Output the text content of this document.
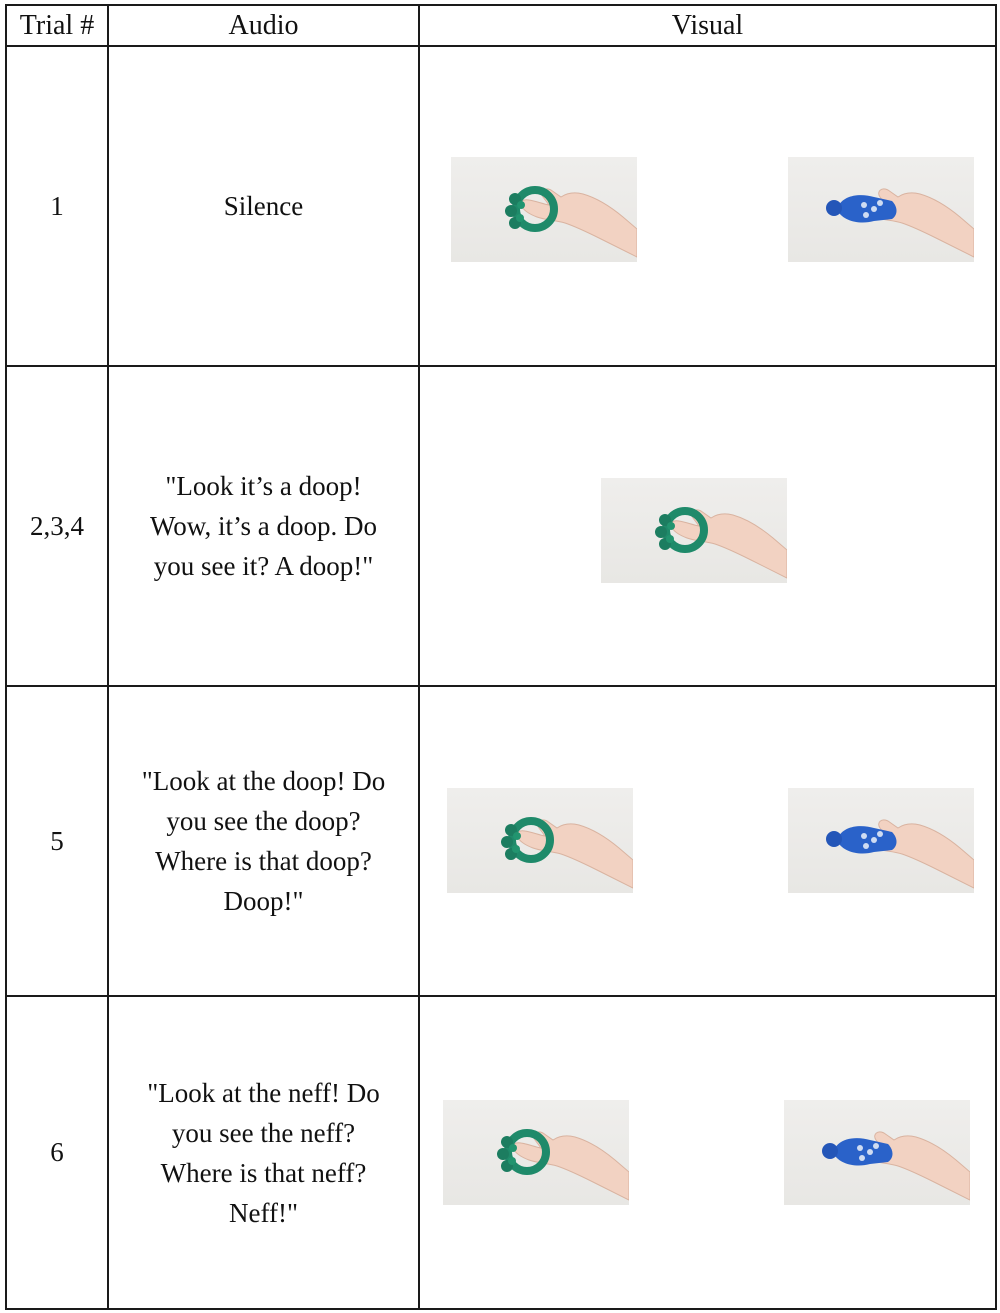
Trial #	Audio	Visual
1	Silence

2,3,4	"Look it’s a doop!
Wow, it’s a doop. Do
you see it? A doop!"

5	"Look at the doop! Do
you see the doop?
Where is that doop?
Doop!"

6	"Look at the neff! Do
you see the neff?
Where is that neff?
Neff!"
